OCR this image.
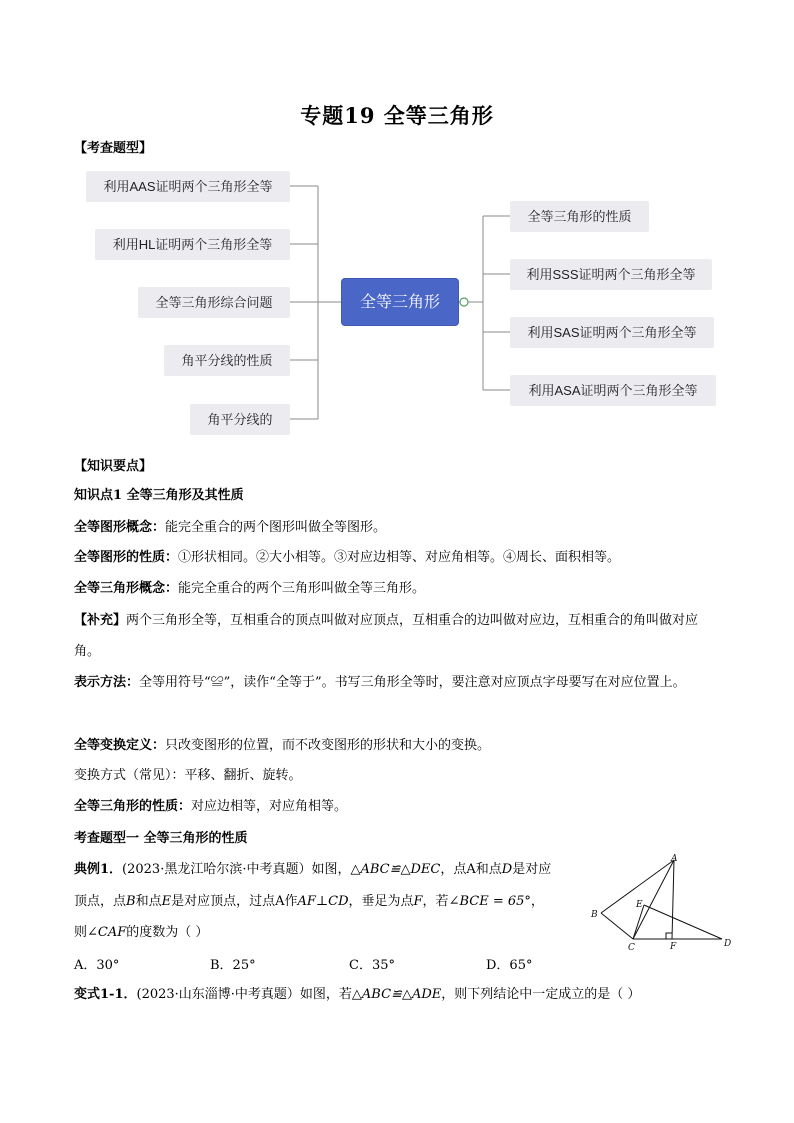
专题19 全等三角形
【考查题型】
利用AAS证明两个三角形全等
利用HL证明两个三角形全等
全等三角形综合问题
角平分线的性质
角平分线的
全等三角形
全等三角形的性质
利用SSS证明两个三角形全等
利用SAS证明两个三角形全等
利用ASA证明两个三角形全等
【知识要点】
知识点1 全等三角形及其性质
全等图形概念：能完全重合的两个图形叫做全等图形。
全等图形的性质：①形状相同。②大小相等。③对应边相等、对应角相等。④周长、面积相等。
全等三角形概念：能完全重合的两个三角形叫做全等三角形。
【补充】两个三角形全等，互相重合的顶点叫做对应顶点，互相重合的边叫做对应边，互相重合的角叫做对应角。
表示方法：全等用符号“≌”，读作“全等于”。书写三角形全等时，要注意对应顶点字母要写在对应位置上。
全等变换定义：只改变图形的位置，而不改变图形的形状和大小的变换。
变换方式（常见）：平移、翻折、旋转。
全等三角形的性质：对应边相等，对应角相等。
考查题型一 全等三角形的性质
典例1．(2023·黑龙江哈尔滨·中考真题）如图，△ABC≌△DEC，点A和点D是对应
顶点，点B和点E是对应顶点，过点A作AF⊥CD，垂足为点F，若∠BCE = 65°，
则∠CAF的度数为（ ）
A．30°	B．25°	C．35°	D．65°
A
B
C	D
E
F
变式1-1．(2023·山东淄博·中考真题）如图，若△ABC≌△ADE，则下列结论中一定成立的是（ ）
